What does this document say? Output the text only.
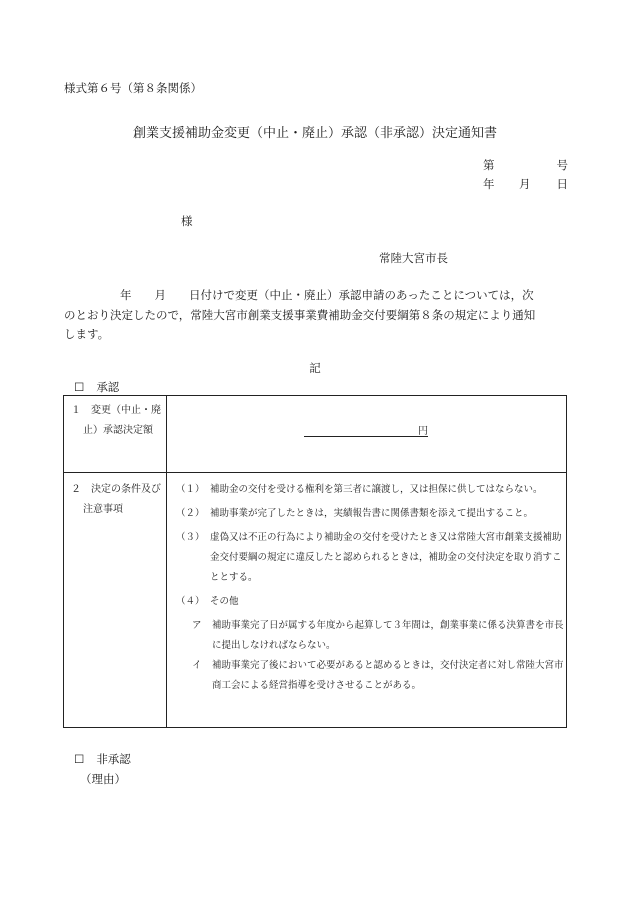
様式第６号（第８条関係）
創業支援補助金変更（中止・廃止）承認（非承認）決定通知書
第	号
年 月 日
様
常陸大宮市長
年　　月　　日付けで変更（中止・廃止）承認申請のあったことについては，次
のとおり決定したので，常陸大宮市創業支援事業費補助金交付要綱第８条の規定により通知
します。
記
☐ 承認
１　変更（中止・廃
止）承認決定額	円
２　決定の条件及び
注意事項
（１） 補助金の交付を受ける権利を第三者に譲渡し，又は担保に供してはならない。
（２） 補助事業が完了したときは，実績報告書に関係書類を添えて提出すること。
（３） 虚偽又は不正の行為により補助金の交付を受けたとき又は常陸大宮市創業支援補助金交付要綱の規定に違反したと認められるときは，補助金の交付決定を取り消すこととする。
（４） その他
ア	補助事業完了日が属する年度から起算して３年間は，創業事業に係る決算書を市長に提出しなければならない。
イ	補助事業完了後において必要があると認めるときは，交付決定者に対し常陸大宮市商工会による経営指導を受けさせることがある。
☐ 非承認
（理由）
